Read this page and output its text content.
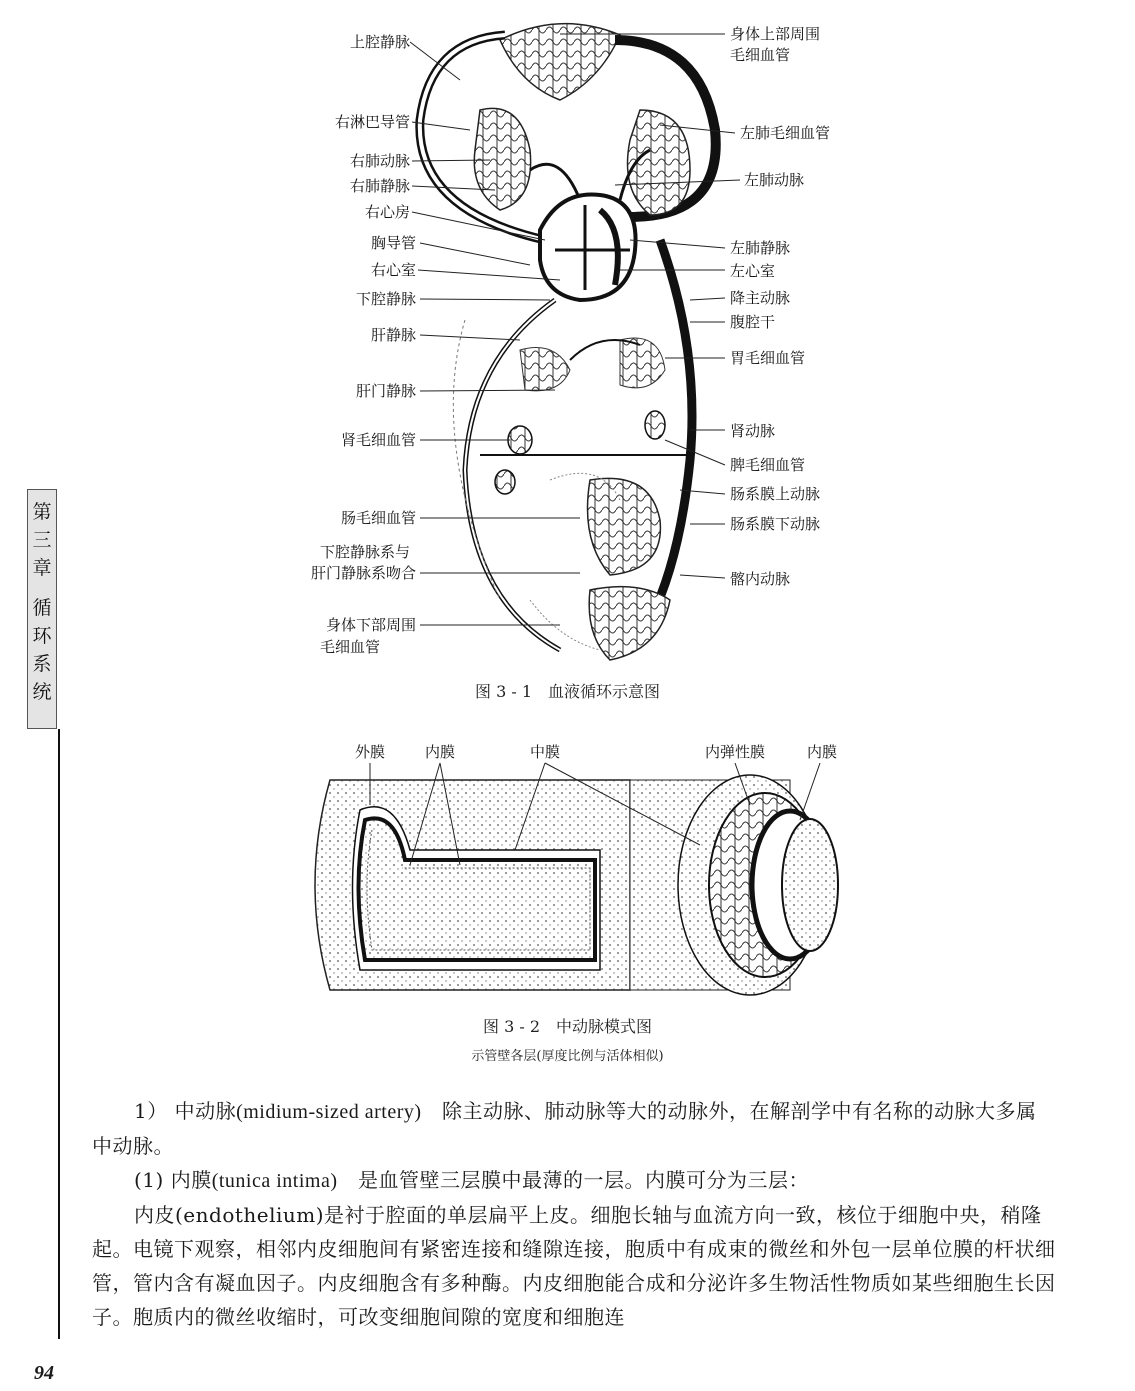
第
三
章
循
环
系
统
94
上腔静脉
右淋巴导管
右肺动脉
右肺静脉
右心房
胸导管
右心室
下腔静脉
肝静脉
肝门静脉
肾毛细血管
肠毛细血管
下腔静脉系与
肝门静脉系吻合
身体下部周围
毛细血管
身体上部周围
毛细血管
左肺毛细血管
左肺动脉
左肺静脉
左心室
降主动脉
腹腔干
胃毛细血管
肾动脉
脾毛细血管
肠系膜上动脉
肠系膜下动脉
髂内动脉
图 3 - 1　血液循环示意图
外膜	内膜	中膜	内弹性膜	内膜
图 3 - 2　中动脉模式图
示管壁各层(厚度比例与活体相似)

1） 中动脉(midium-sized artery)　 除主动脉、肺动脉等大的动脉外，在解剖学中有名称的动脉大多属中动脉。

(1) 内膜(tunica intima)　 是血管壁三层膜中最薄的一层。内膜可分为三层：

内皮(endothelium)是衬于腔面的单层扁平上皮。细胞长轴与血流方向一致，核位于细胞中央，稍隆起。电镜下观察，相邻内皮细胞间有紧密连接和缝隙连接，胞质中有成束的微丝和外包一层单位膜的杆状细管，管内含有凝血因子。内皮细胞含有多种酶。内皮细胞能合成和分泌许多生物活性物质如某些细胞生长因子。胞质内的微丝收缩时，可改变细胞间隙的宽度和细胞连
